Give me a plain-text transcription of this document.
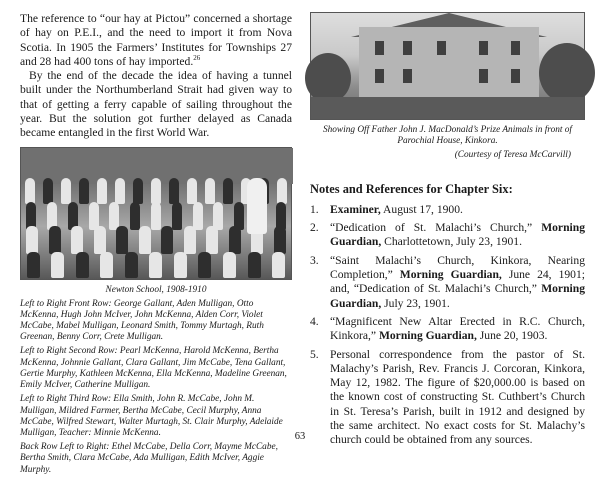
The reference to “our hay at Pictou” concerned a shortage of hay on P.E.I., and the need to import it from Nova Scotia. In 1905 the Farmers’ Institutes for Townships 27 and 28 had 400 tons of hay imported.$^{26}$

By the end of the decade the idea of having a tunnel built under the Northumberland Strait had given way to that of getting a ferry capable of sailing throughout the year. But the solution got further delayed as Canada became entangled in the first World War.

Newton School, 1908-1910

Left to Right Front Row: George Gallant, Aden Mulligan, Otto McKenna, Hugh John McIver, John McKenna, Alden Corr, Violet McCabe, Mabel Mulligan, Leonard Smith, Tommy Murtagh, Ruth Greenan, Benny Corr, Crete Mulligan.

Left to Right Second Row: Pearl McKenna, Harold McKenna, Bertha McKenna, Johnnie Gallant, Clara Gallant, Jim McCabe, Tena Gallant, Gertie Murphy, Kathleen McKenna, Ella McKenna, Madeline Greenan, Emily McIver, Catherine Mulligan.

Left to Right Third Row: Ella Smith, John R. McCabe, John M. Mulligan, Mildred Farmer, Bertha McCabe, Cecil Murphy, Anna McCabe, Wilfred Stewart, Walter Murtagh, St. Clair Murphy, Adelaide Mulligan, Teacher: Minnie McKenna.

Back Row Left to Right: Ethel McCabe, Della Corr, Mayme McCabe, Bertha Smith, Clara McCabe, Ada Mulligan, Edith McIver, Aggie Murphy.

Showing Off Father John J. MacDonald’s Prize Animals in front of Parochial House, Kinkora.
(Courtesy of Teresa McCarvill)
Notes and References for Chapter Six:
1. Examiner, August 17, 1900.
2. “Dedication of St. Malachi’s Church,” Morning Guardian, Charlottetown, July 23, 1901.
3. “Saint Malachi’s Church, Kinkora, Nearing Completion,” Morning Guardian, June 24, 1901; and, “Dedication of St. Malachi’s Church,” Morning Guardian, July 23, 1901.
4. “Magnificent New Altar Erected in R.C. Church, Kinkora,” Morning Guardian, June 20, 1903.
5. Personal correspondence from the pastor of St. Malachy’s Parish, Rev. Francis J. Corcoran, Kinkora, May 12, 1982. The figure of $20,000.00 is based on the known cost of constructing St. Cuthbert’s Church in St. Teresa’s Parish, built in 1912 and designed by the same architect. No exact costs for St. Malachy’s church could be obtained from any sources.
63
